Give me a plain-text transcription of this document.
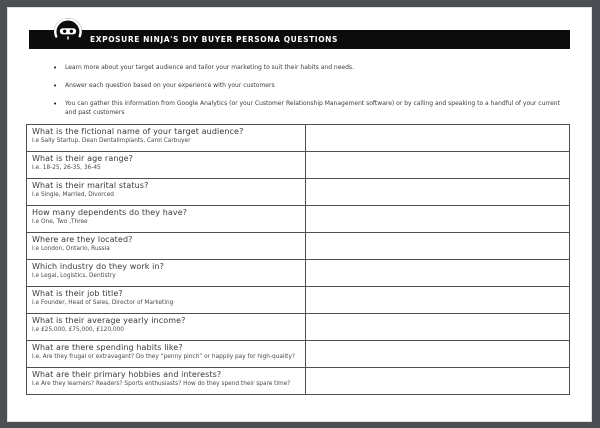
EXPOSURE NINJA'S DIY BUYER PERSONA QUESTIONS
• Learn more about your target audience and tailor your marketing to suit their habits and needs.
• Answer each question based on your experience with your customers
• You can gather this information from Google Analytics (or your Customer Relationship Management software) or by calling and speaking to a handful of your current and past customers
What is the fictional name of your target audience?
I.e Sally Startup, Dean Dentalimplants, Carol Carbuyer	

What is their age range?
I.e. 18-25, 26-35, 36-45	

What is their marital status?
I.e Single, Married, Divorced	

How many dependents do they have?
I.e One, Two ,Three	

Where are they located?
I.e London, Ontario, Russia	

Which industry do they work in?
I.e Legal, Logistics, Dentistry	

What is their job title?
I.e Founder, Head of Sales, Director of Marketing	

What is their average yearly income?
I.e £25,000, £75,000, £120,000	

What are there spending habits like?
I.e, Are they frugal or extravagant? Do they “penny pinch” or happily pay for high-quality?	

What are their primary hobbies and interests?
I.e Are they learners? Readers? Sports enthusiasts? How do they spend their spare time?	
